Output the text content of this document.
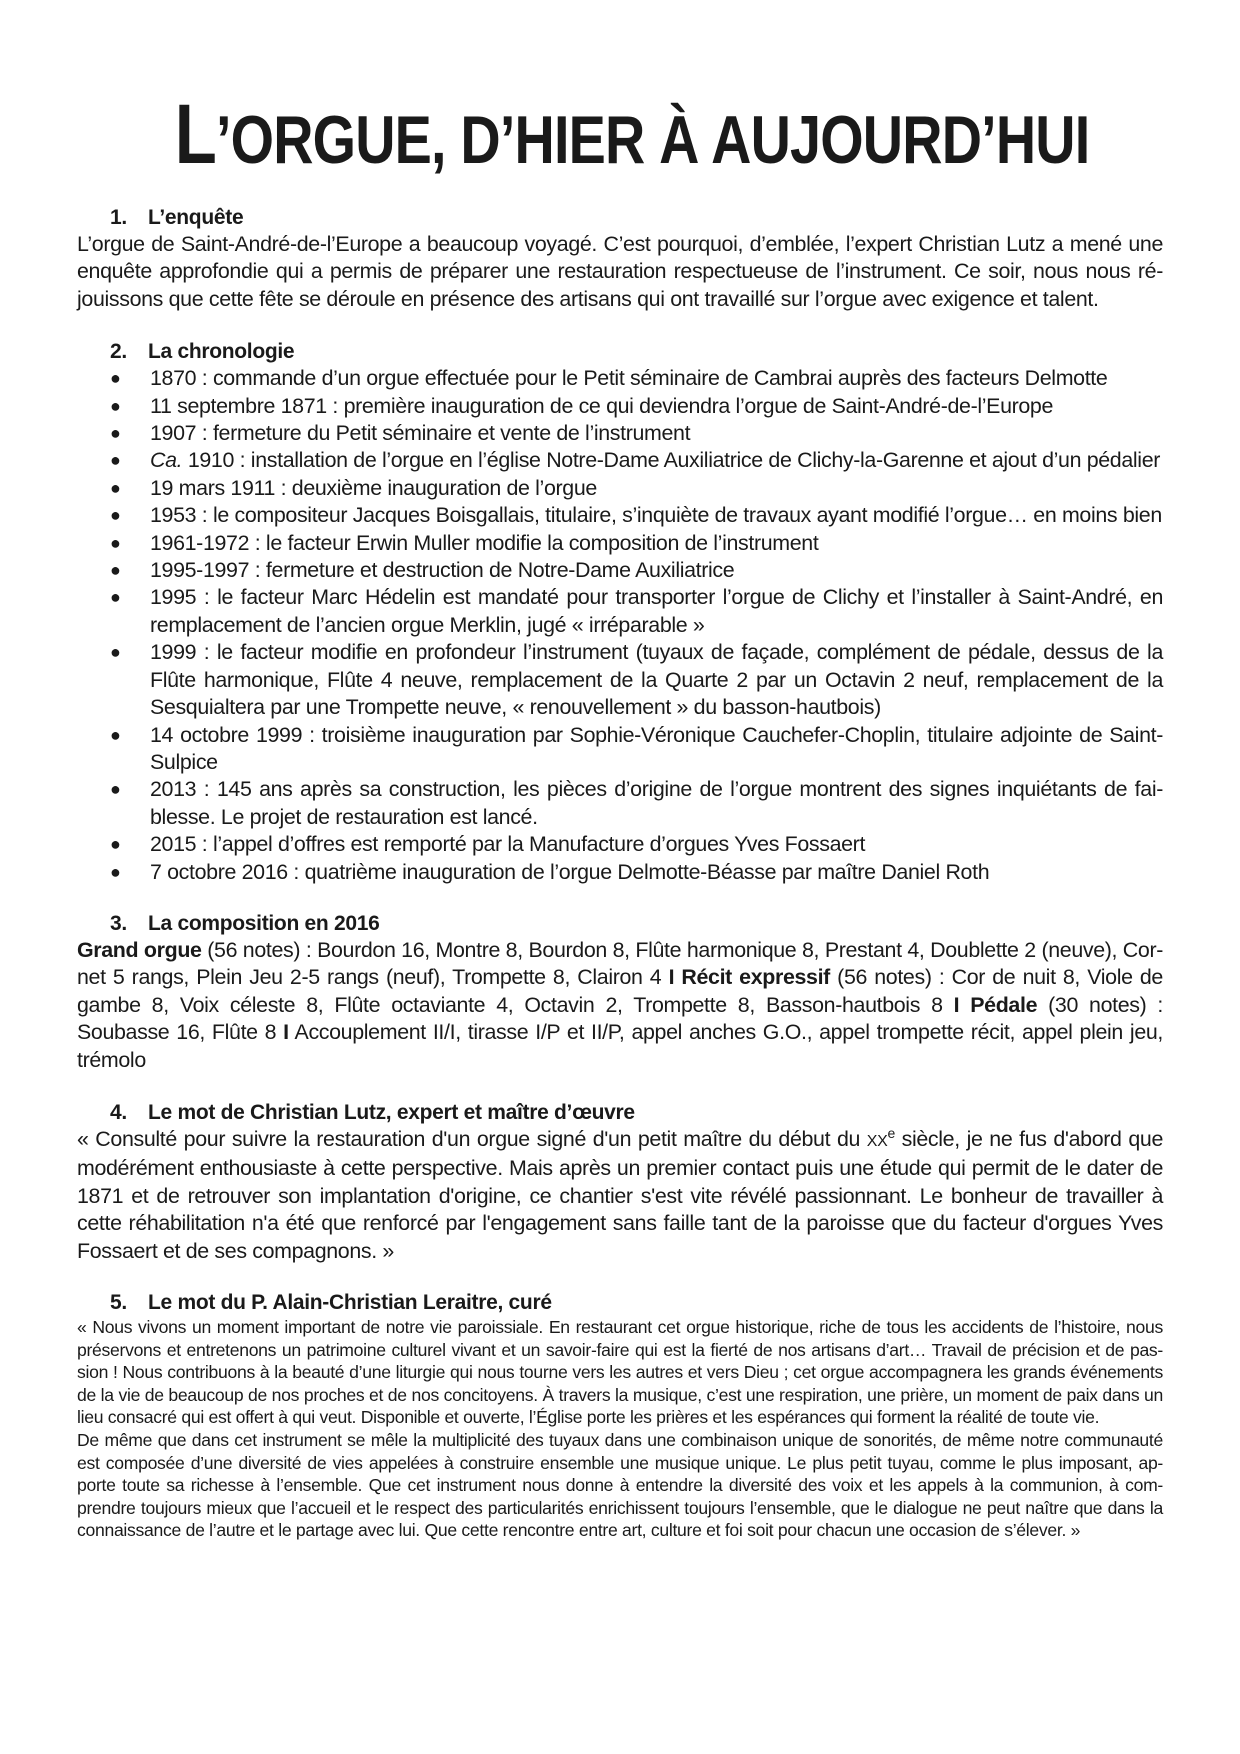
L’ORGUE, D’HIER À AUJOURD’HUI
1. L’enquête

L’orgue de Saint-André-de-l’Europe a beaucoup voyagé. C’est pourquoi, d’emblée, l’expert Christian Lutz a mené une enquête approfondie qui a permis de préparer une restauration respectueuse de l’instrument. Ce soir, nous nous ré-jouissons que cette fête se déroule en présence des artisans qui ont travaillé sur l’orgue avec exigence et talent.

2. La chronologie
● 1870 : commande d’un orgue effectuée pour le Petit séminaire de Cambrai auprès des facteurs Delmotte
● 11 septembre 1871 : première inauguration de ce qui deviendra l’orgue de Saint-André-de-l’Europe
● 1907 : fermeture du Petit séminaire et vente de l’instrument
● Ca. 1910 : installation de l’orgue en l’église Notre-Dame Auxiliatrice de Clichy-la-Garenne et ajout d’un pédalier
● 19 mars 1911 : deuxième inauguration de l’orgue
● 1953 : le compositeur Jacques Boisgallais, titulaire, s’inquiète de travaux ayant modifié l’orgue… en moins bien
● 1961-1972 : le facteur Erwin Muller modifie la composition de l’instrument
● 1995-1997 : fermeture et destruction de Notre-Dame Auxiliatrice
● 1995 : le facteur Marc Hédelin est mandaté pour transporter l’orgue de Clichy et l’installer à Saint-André, en remplacement de l’ancien orgue Merklin, jugé « irréparable »
● 1999 : le facteur modifie en profondeur l’instrument (tuyaux de façade, complément de pédale, dessus de la Flûte harmonique, Flûte 4 neuve, remplacement de la Quarte 2 par un Octavin 2 neuf, remplacement de la Sesquialtera par une Trompette neuve, « renouvellement » du basson-hautbois)
● 14 octobre 1999 : troisième inauguration par Sophie-Véronique Cauchefer-Choplin, titulaire adjointe de Saint-Sulpice
● 2013 : 145 ans après sa construction, les pièces d’origine de l’orgue montrent des signes inquiétants de fai-blesse. Le projet de restauration est lancé.
● 2015 : l’appel d’offres est remporté par la Manufacture d’orgues Yves Fossaert
● 7 octobre 2016 : quatrième inauguration de l’orgue Delmotte-Béasse par maître Daniel Roth
3. La composition en 2016

Grand orgue (56 notes) : Bourdon 16, Montre 8, Bourdon 8, Flûte harmonique 8, Prestant 4, Doublette 2 (neuve), Cor-net 5 rangs, Plein Jeu 2-5 rangs (neuf), Trompette 8, Clairon 4 I Récit expressif (56 notes) : Cor de nuit 8, Viole de gambe 8, Voix céleste 8, Flûte octaviante 4, Octavin 2, Trompette 8, Basson-hautbois 8 I Pédale (30 notes) : Soubasse 16, Flûte 8 I Accouplement II/I, tirasse I/P et II/P, appel anches G.O., appel trompette récit, appel plein jeu, trémolo

4. Le mot de Christian Lutz, expert et maître d’œuvre

« Consulté pour suivre la restauration d'un orgue signé d'un petit maître du début du XXe siècle, je ne fus d'abord que modérément enthousiaste à cette perspective. Mais après un premier contact puis une étude qui permit de le dater de 1871 et de retrouver son implantation d'origine, ce chantier s'est vite révélé passionnant. Le bonheur de travailler à cette réhabilitation n'a été que renforcé par l'engagement sans faille tant de la paroisse que du facteur d'orgues Yves Fossaert et de ses compagnons. »

5. Le mot du P. Alain-Christian Leraitre, curé

« Nous vivons un moment important de notre vie paroissiale. En restaurant cet orgue historique, riche de tous les accidents de l’histoire, nous préservons et entretenons un patrimoine culturel vivant et un savoir-faire qui est la fierté de nos artisans d’art… Travail de précision et de pas-sion ! Nous contribuons à la beauté d’une liturgie qui nous tourne vers les autres et vers Dieu ; cet orgue accompagnera les grands événements de la vie de beaucoup de nos proches et de nos concitoyens. À travers la musique, c’est une respiration, une prière, un moment de paix dans un lieu consacré qui est offert à qui veut. Disponible et ouverte, l’Église porte les prières et les espérances qui forment la réalité de toute vie.

De même que dans cet instrument se mêle la multiplicité des tuyaux dans une combinaison unique de sonorités, de même notre communauté est composée d’une diversité de vies appelées à construire ensemble une musique unique. Le plus petit tuyau, comme le plus imposant, ap-porte toute sa richesse à l’ensemble. Que cet instrument nous donne à entendre la diversité des voix et les appels à la communion, à com-prendre toujours mieux que l’accueil et le respect des particularités enrichissent toujours l’ensemble, que le dialogue ne peut naître que dans la connaissance de l’autre et le partage avec lui. Que cette rencontre entre art, culture et foi soit pour chacun une occasion de s’élever. »
